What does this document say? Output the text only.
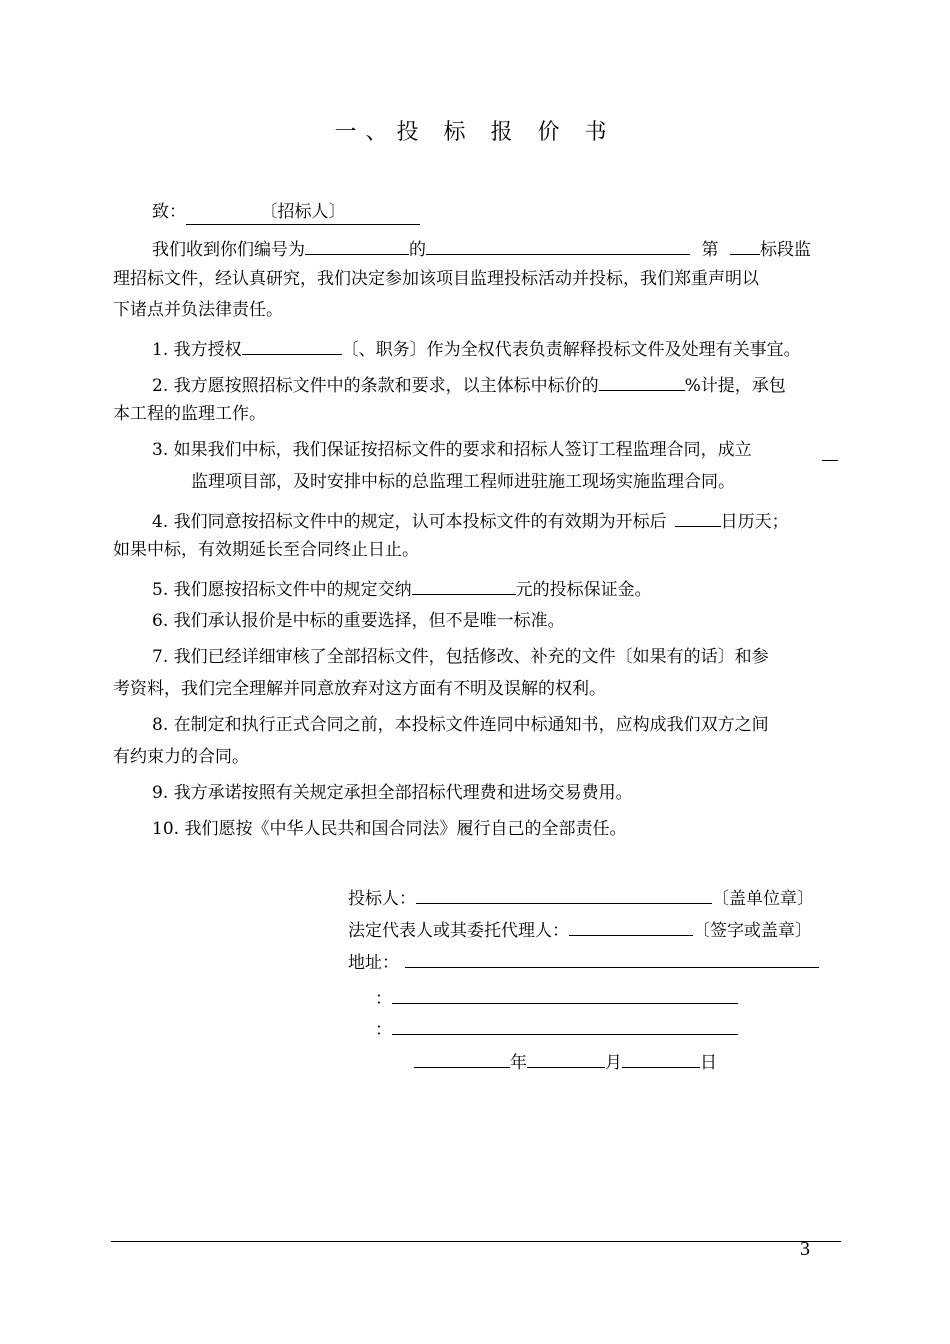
一、投 标 报 价 书
致：	〔招标人〕
我们收到你们编号为	的	第 标段监
理招标文件，经认真研究，我们决定参加该项目监理投标活动并投标，我们郑重声明以
下诸点并负法律责任。
1. 我方授权	〔、职务〕作为全权代表负责解释投标文件及处理有关事宜。
2. 我方愿按照招标文件中的条款和要求，以主体标中标价的	%计提，承包
本工程的监理工作。
3. 如果我们中标，我们保证按招标文件的要求和招标人签订工程监理合同，成立
监理项目部，及时安排中标的总监理工程师进驻施工现场实施监理合同。
4. 我们同意按招标文件中的规定，认可本投标文件的有效期为开标后	日历天；
如果中标，有效期延长至合同终止日止。
5. 我们愿按招标文件中的规定交纳	元的投标保证金。
6. 我们承认报价是中标的重要选择，但不是唯一标准。
7. 我们已经详细审核了全部招标文件，包括修改、补充的文件〔如果有的话〕和参
考资料，我们完全理解并同意放弃对这方面有不明及误解的权利。
8. 在制定和执行正式合同之前，本投标文件连同中标通知书，应构成我们双方之间
有约束力的合同。
9. 我方承诺按照有关规定承担全部招标代理费和进场交易费用。
10. 我们愿按《中华人民共和国合同法》履行自己的全部责任。
投标人：	〔盖单位章〕
法定代表人或其委托代理人：	〔签字或盖章〕
地址：
：
：
年	月	日
3
